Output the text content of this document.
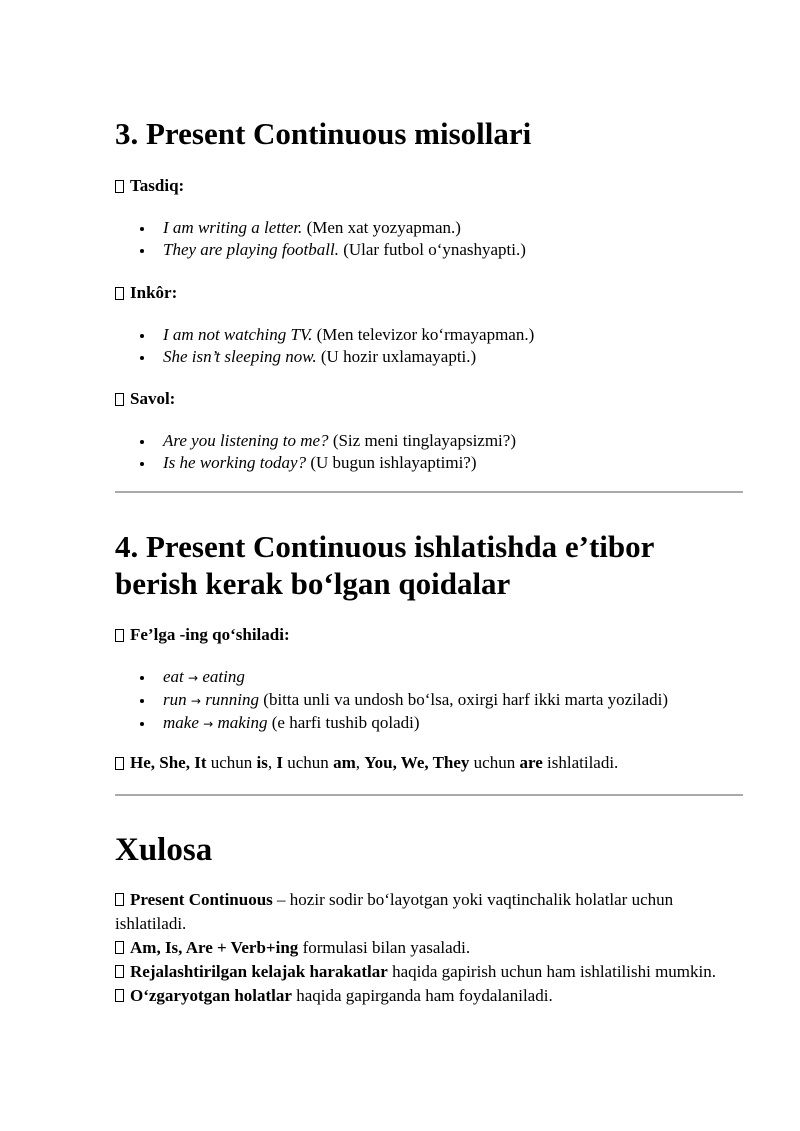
3. Present Continuous misollari
Tasdiq:
I am writing a letter. (Men xat yozyapman.)
They are playing football. (Ular futbol o‘ynashyapti.)
Inkôr:
I am not watching TV. (Men televizor ko‘rmayapman.)
She isn’t sleeping now. (U hozir uxlamayapti.)
Savol:
Are you listening to me? (Siz meni tinglayapsizmi?)
Is he working today? (U bugun ishlayaptimi?)
4. Present Continuous ishlatishda e’tibor
berish kerak bo‘lgan qoidalar
Fe’lga -ing qo‘shiladi:
eat → eating
run → running (bitta unli va undosh bo‘lsa, oxirgi harf ikki marta yoziladi)
make → making (e harfi tushib qoladi)
He, She, It uchun is, I uchun am, You, We, They uchun are ishlatiladi.
Xulosa

Present Continuous – hozir sodir bo‘layotgan yoki vaqtinchalik holatlar uchun ishlatiladi.

Am, Is, Are + Verb+ing formulasi bilan yasaladi.

Rejalashtirilgan kelajak harakatlar haqida gapirish uchun ham ishlatilishi mumkin.

O‘zgaryotgan holatlar haqida gapirganda ham foydalaniladi.
